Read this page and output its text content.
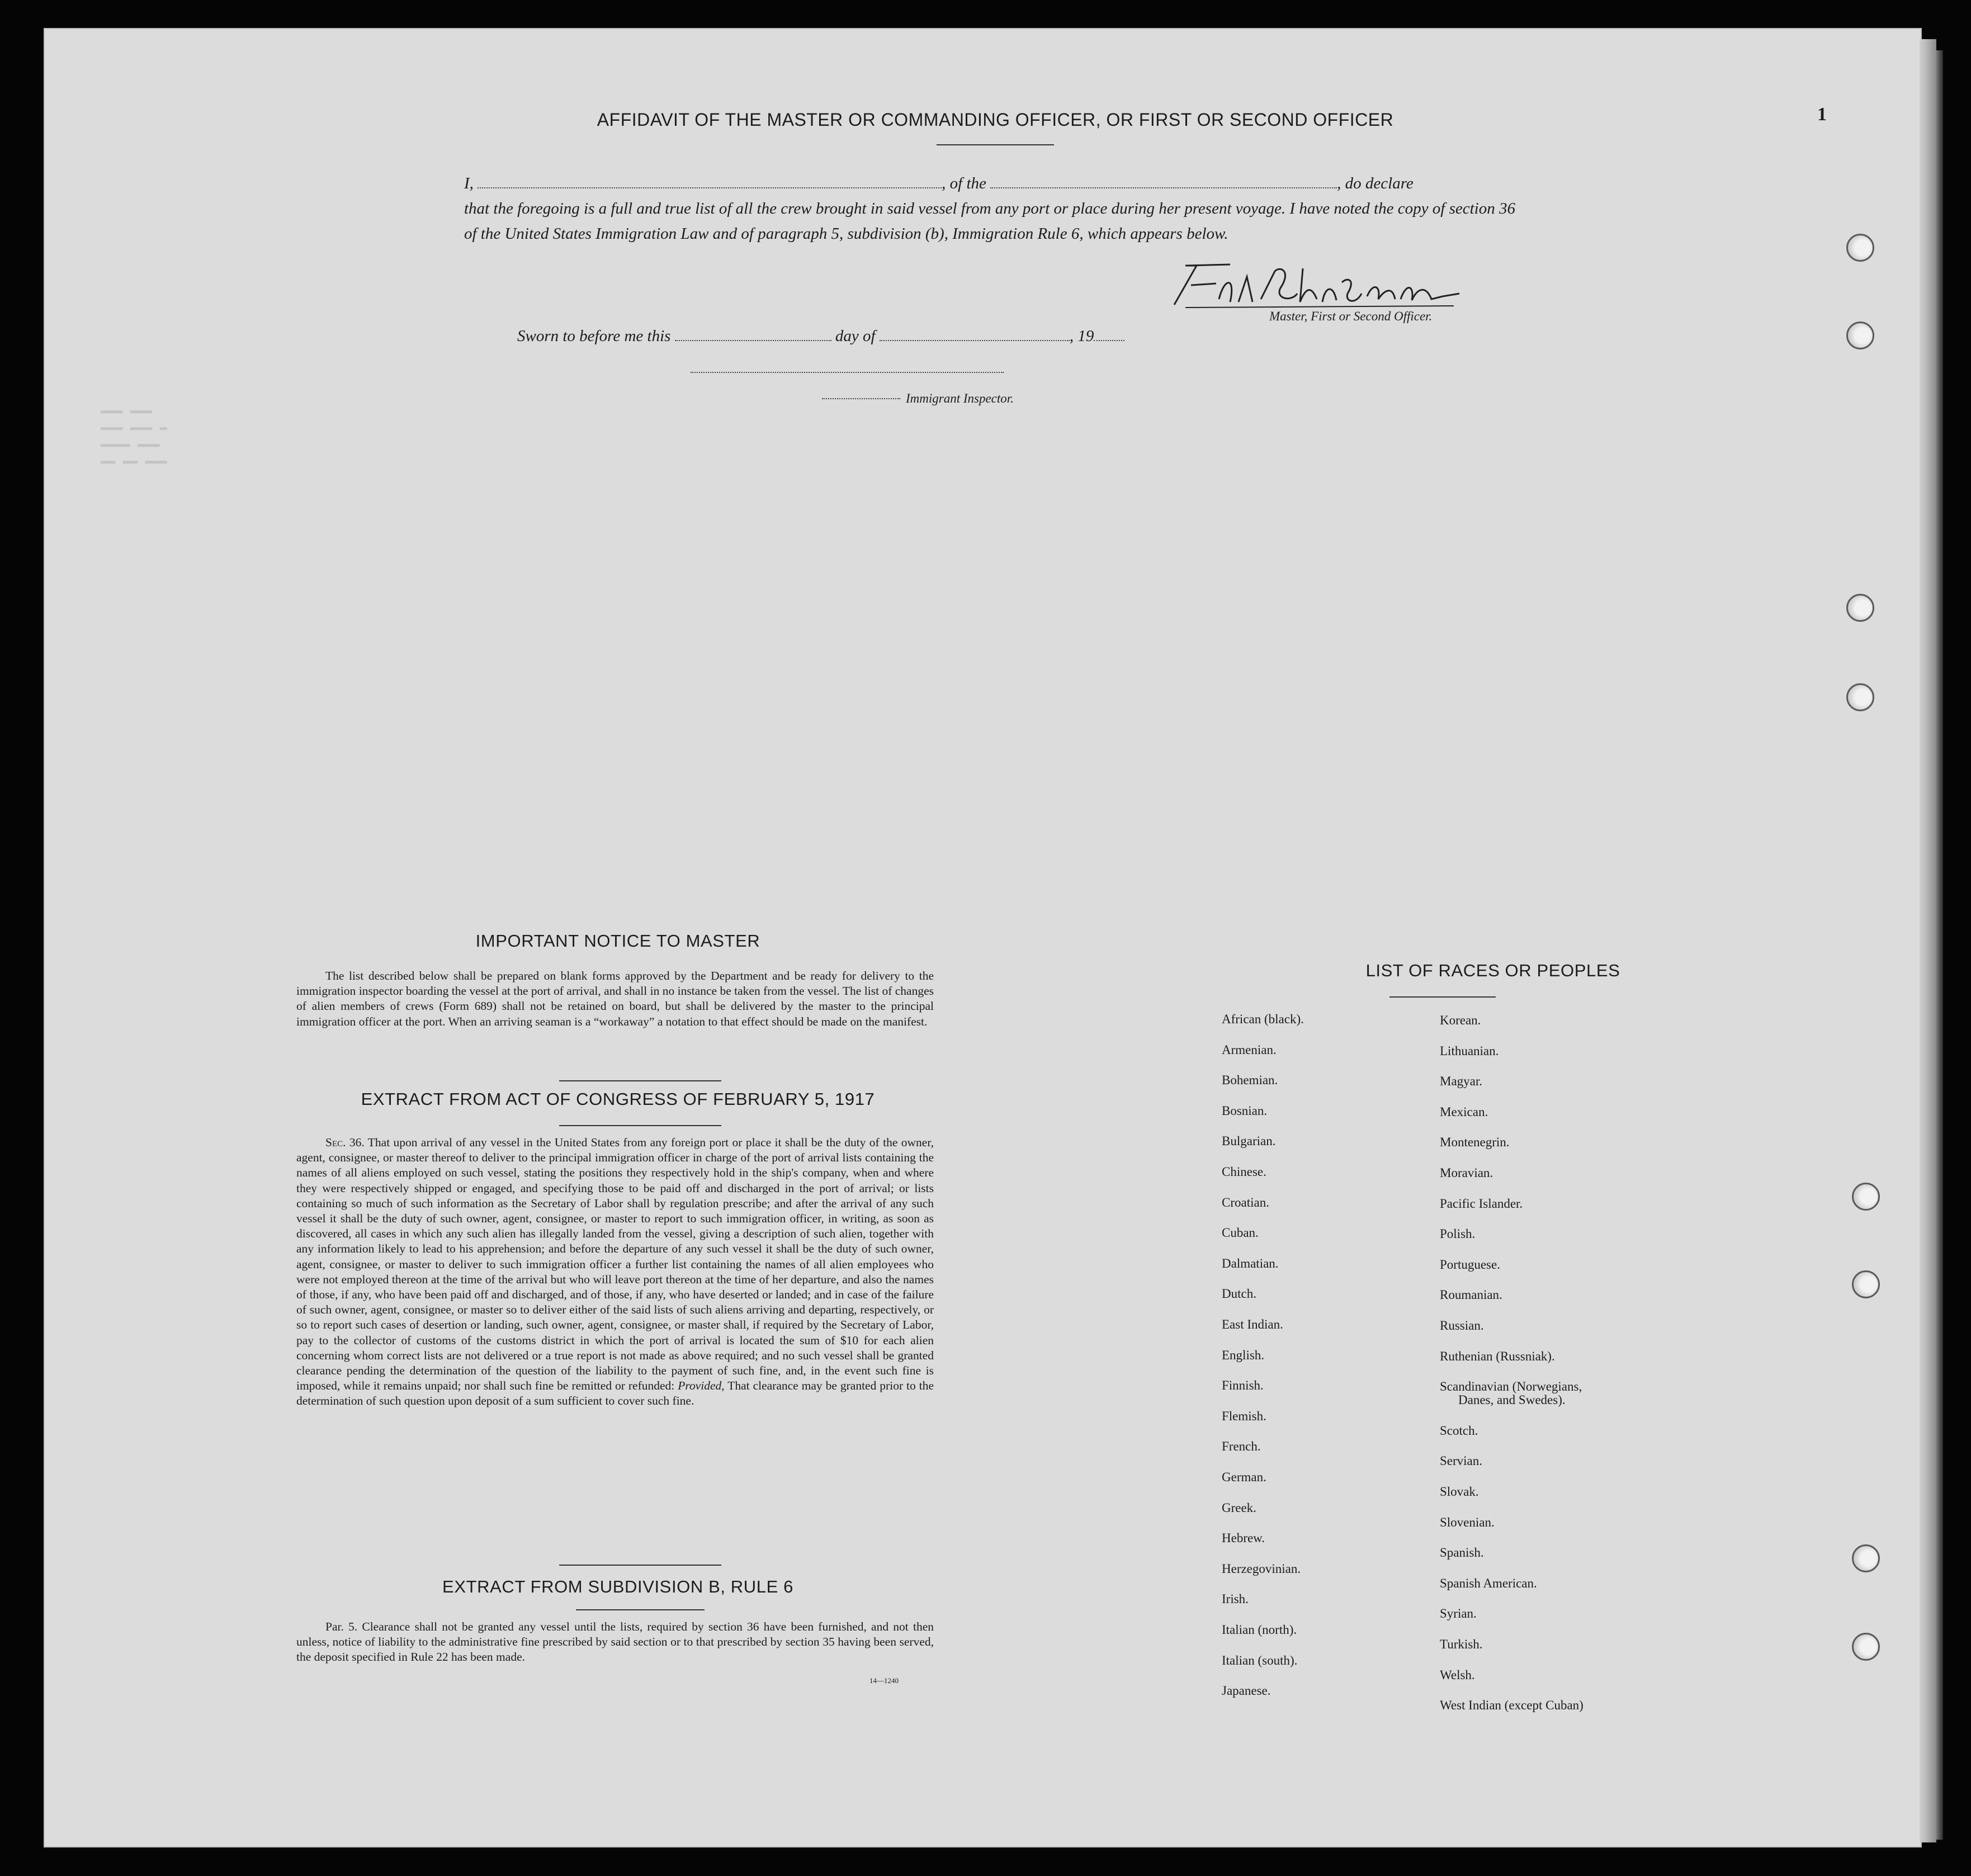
▬▬▬ ▬▬▬
▬▬▬ ▬▬▬ ▬
▬▬▬▬ ▬▬▬
▬▬ ▬▬ ▬▬▬
1
AFFIDAVIT OF THE MASTER OR COMMANDING OFFICER, OR FIRST OR SECOND OFFICER
I,	, of the	, do declare
that the foregoing is a full and true list of all the crew brought in said vessel from any port or place during her present voyage. I have noted the copy of section 36 of the United States Immigration Law and of paragraph 5, subdivision (b), Immigration Rule 6, which appears below.
Master, First or Second Officer.
Sworn to before me this	day of	, 19
Immigrant Inspector.
IMPORTANT NOTICE TO MASTER

The list described below shall be prepared on blank forms approved by the Department and be ready for delivery to the immigration inspector boarding the vessel at the port of arrival, and shall in no instance be taken from the vessel. The list of changes of alien members of crews (Form 689) shall not be retained on board, but shall be delivered by the master to the principal immigration officer at the port. When an arriving seaman is a “workaway” a notation to that effect should be made on the manifest.

EXTRACT FROM ACT OF CONGRESS OF FEBRUARY 5, 1917

Sec. 36. That upon arrival of any vessel in the United States from any foreign port or place it shall be the duty of the owner, agent, consignee, or master thereof to deliver to the principal immigration officer in charge of the port of arrival lists containing the names of all aliens employed on such vessel, stating the positions they respectively hold in the ship's company, when and where they were respectively shipped or engaged, and specifying those to be paid off and discharged in the port of arrival; or lists containing so much of such information as the Secretary of Labor shall by regulation prescribe; and after the arrival of any such vessel it shall be the duty of such owner, agent, consignee, or master to report to such immigration officer, in writing, as soon as discovered, all cases in which any such alien has illegally landed from the vessel, giving a description of such alien, together with any information likely to lead to his apprehension; and before the departure of any such vessel it shall be the duty of such owner, agent, consignee, or master to deliver to such immigration officer a further list containing the names of all alien employees who were not employed thereon at the time of the arrival but who will leave port thereon at the time of her departure, and also the names of those, if any, who have been paid off and discharged, and of those, if any, who have deserted or landed; and in case of the failure of such owner, agent, consignee, or master so to deliver either of the said lists of such aliens arriving and departing, respectively, or so to report such cases of desertion or landing, such owner, agent, consignee, or master shall, if required by the Secretary of Labor, pay to the collector of customs of the customs district in which the port of arrival is located the sum of $10 for each alien concerning whom correct lists are not delivered or a true report is not made as above required; and no such vessel shall be granted clearance pending the determination of the question of the liability to the payment of such fine, and, in the event such fine is imposed, while it remains unpaid; nor shall such fine be remitted or refunded: Provided, That clearance may be granted prior to the determination of such question upon deposit of a sum sufficient to cover such fine.

EXTRACT FROM SUBDIVISION B, RULE 6

Par. 5. Clearance shall not be granted any vessel until the lists, required by section 36 have been furnished, and not then unless, notice of liability to the administrative fine prescribed by said section or to that prescribed by section 35 having been served, the deposit specified in Rule 22 has been made.

14—1240
LIST OF RACES OR PEOPLES
African (black).
Armenian.
Bohemian.
Bosnian.
Bulgarian.
Chinese.
Croatian.
Cuban.
Dalmatian.
Dutch.
East Indian.
English.
Finnish.
Flemish.
French.
German.
Greek.
Hebrew.
Herzegovinian.
Irish.
Italian (north).
Italian (south).
Japanese.
Korean.
Lithuanian.
Magyar.
Mexican.
Montenegrin.
Moravian.
Pacific Islander.
Polish.
Portuguese.
Roumanian.
Russian.
Ruthenian (Russniak).
Scandinavian (Norwegians,
Danes, and Swedes).
Scotch.
Servian.
Slovak.
Slovenian.
Spanish.
Spanish American.
Syrian.
Turkish.
Welsh.
West Indian (except Cuban)
